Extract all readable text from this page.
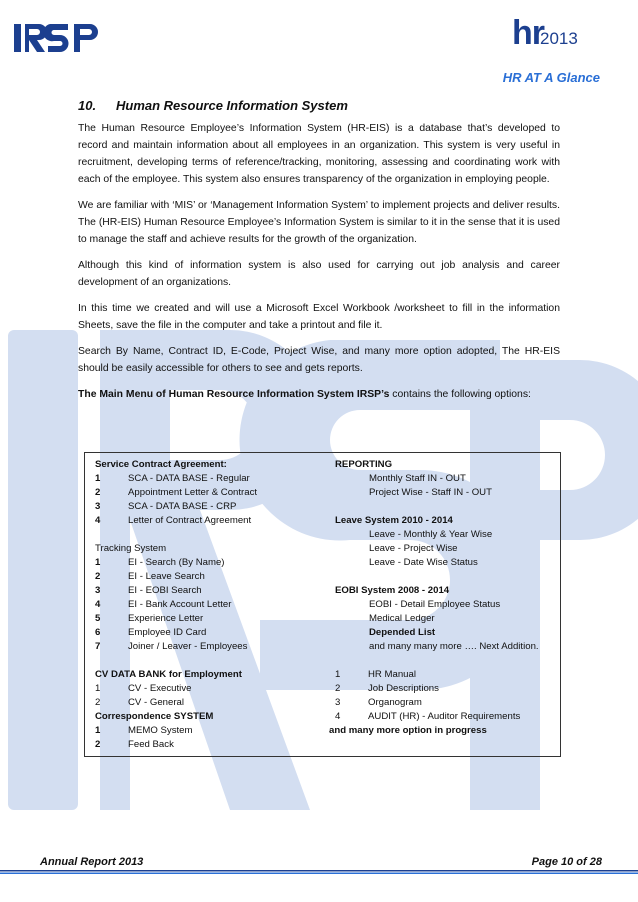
hr2013
HR AT A Glance
10. Human Resource Information System

The Human Resource Employee’s Information System (HR-EIS) is a database that’s developed to record and maintain information about all employees in an organization. This system is very useful in recruitment, developing terms of reference/tracking, monitoring, assessing and coordinating work with each of the employee. This system also ensures transparency of the organization in employing people.

We are familiar with ‘MIS’ or ‘Management Information System’ to implement projects and deliver results. The (HR-EIS) Human Resource Employee’s Information System is similar to it in the sense that it is used to manage the staff and achieve results for the growth of the organization.

Although this kind of information system is also used for carrying out job analysis and career development of an organizations.

In this time we created and will use a Microsoft Excel Workbook /worksheet to fill in the information Sheets, save the file in the computer and take a printout and file it.

Search By Name, Contract ID, E-Code, Project Wise, and many more option adopted, The HR-EIS should be easily accessible for others to see and gets reports.

The Main Menu of Human Resource Information System IRSP’s contains the following options:

Service Contract Agreement:
1	SCA - DATA BASE - Regular
2	Appointment Letter & Contract
3	SCA - DATA BASE - CRP
4	Letter of Contract Agreement
Tracking System
1	EI - Search (By Name)
2	EI - Leave Search
3	EI - EOBI Search
4	EI - Bank Account Letter
5	Experience Letter
6	Employee ID Card
7	Joiner / Leaver - Employees
CV DATA BANK for Employment
1	CV - Executive
2	CV - General
Correspondence SYSTEM
1	MEMO System
2	Feed Back
REPORTING
Monthly Staff IN - OUT
Project Wise - Staff IN - OUT
Leave System 2010 - 2014
Leave - Monthly & Year Wise
Leave - Project Wise
Leave - Date Wise Status
EOBI System 2008 - 2014
EOBI - Detail Employee Status
Medical Ledger
Depended List
and many many more …. Next Addition.
1	HR Manual
2	Job Descriptions
3	Organogram
4	AUDIT (HR) - Auditor Requirements
and many more option in progress
Annual Report 2013	Page 10 of 28
